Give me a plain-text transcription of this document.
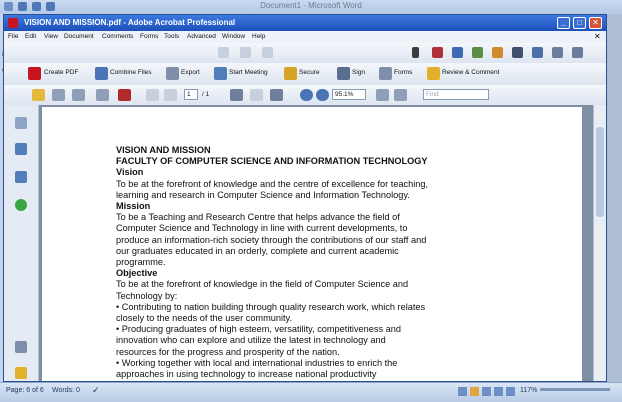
Document1 - Microsoft Word
Page: 6 of 6 Words: 0 ✓	117%
VISION AND MISSION.pdf - Adobe Acrobat Professional	_	□	✕
File Edit View Document Comments Forms Tools Advanced Window Help	✕
Create PDF	Combine Files	Export	Start Meeting	Secure	Sign	Forms	Review & Comment
1	/ 1	95.1%	Find
VISION AND MISSION
FACULTY OF COMPUTER SCIENCE AND INFORMATION TECHNOLOGY
Vision
To be at the forefront of knowledge and the centre of excellence for teaching,
learning and research in Computer Science and Information Technology.
Mission
To be a Teaching and Research Centre that helps advance the field of
Computer Science and Technology in line with current developments, to
produce an information-rich society through the contributions of our staff and
our graduates educated in an orderly, complete and current academic
programme.
Objective
To be at the forefront of knowledge in the field of Computer Science and
Technology by:
• Contributing to nation building through quality research work, which relates
closely to the needs of the user community.
• Producing graduates of high esteem, versatility, competitiveness and
innovation who can explore and utilize the latest in technology and
resources for the progress and prosperity of the nation.
• Working together with local and international industries to enrich the
approaches in using technology to increase national productivity
